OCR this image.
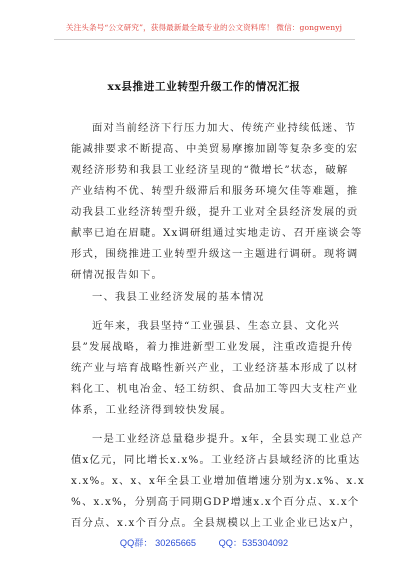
关注头条号“公文研究”，获得最新最全最专业的公文资料库！ 微信：gongwenyj
xx县推进工业转型升级工作的情况汇报
面对当前经济下行压力加大、传统产业持续低迷、节
能减排要求不断提高、中美贸易摩擦加剧等复杂多变的宏
观经济形势和我县工业经济呈现的“微增长”状态，破解
产业结构不优、转型升级滞后和服务环境欠佳等难题，推
动我县工业经济转型升级，提升工业对全县经济发展的贡
献率已迫在眉睫。Xx调研组通过实地走访、召开座谈会等
形式，围绕推进工业转型升级这一主题进行调研。现将调
研情况报告如下。
一、我县工业经济发展的基本情况
近年来，我县坚持“工业强县、生态立县、文化兴
县”发展战略，着力推进新型工业发展，注重改造提升传
统产业与培育战略性新兴产业，工业经济基本形成了以材
料化工、机电冶金、轻工纺织、食品加工等四大支柱产业
体系，工业经济得到较快发展。
一是工业经济总量稳步提升。x年，全县实现工业总产
值x亿元，同比增长x.x%。工业经济占县域经济的比重达
x.x%。x、x、x年全县工业增加值增速分别为x.x%、x.x
%、x.x%，分别高于同期GDP增速x.x个百分点、x.x个
百分点、x.x个百分点。全县规模以上工业企业已达x户，
QQ群： 30265665 QQ：535304092
